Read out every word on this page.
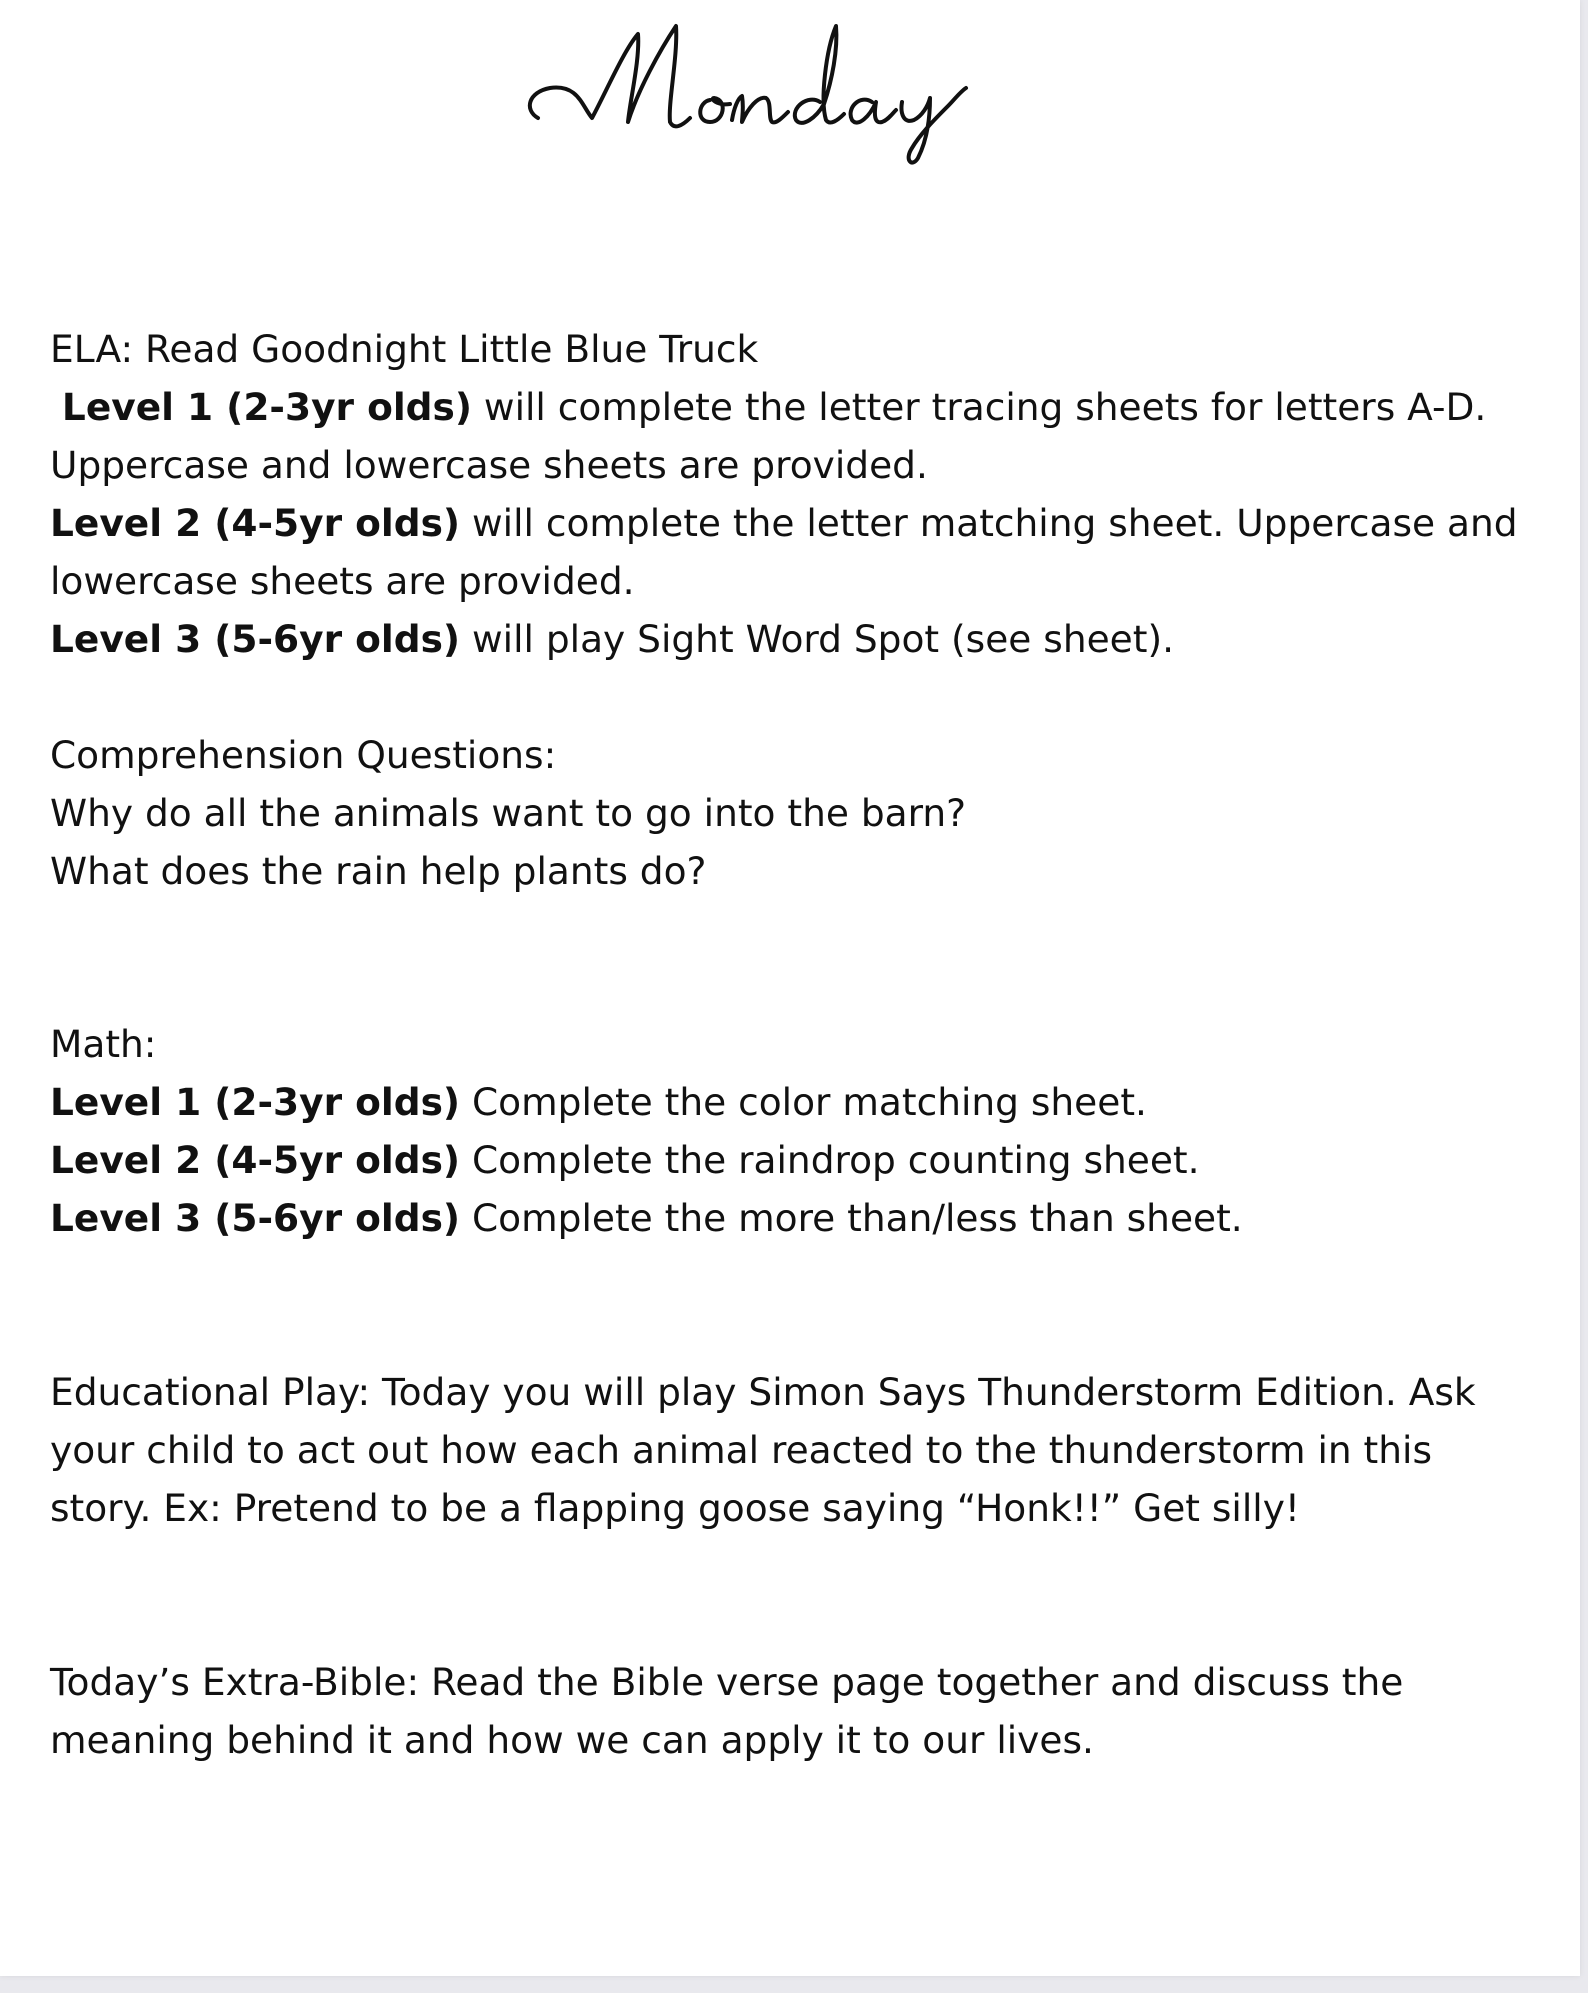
ELA: Read Goodnight Little Blue Truck
Level 1 (2-3yr olds) will complete the letter tracing sheets for letters A-D.
Uppercase and lowercase sheets are provided.
Level 2 (4-5yr olds) will complete the letter matching sheet. Uppercase and
lowercase sheets are provided.
Level 3 (5-6yr olds) will play Sight Word Spot (see sheet).
Comprehension Questions:
Why do all the animals want to go into the barn?
What does the rain help plants do?
Math:
Level 1 (2-3yr olds) Complete the color matching sheet.
Level 2 (4-5yr olds) Complete the raindrop counting sheet.
Level 3 (5-6yr olds) Complete the more than/less than sheet.
Educational Play: Today you will play Simon Says Thunderstorm Edition. Ask
your child to act out how each animal reacted to the thunderstorm in this
story. Ex: Pretend to be a flapping goose saying “Honk!!” Get silly!
Today’s Extra-Bible: Read the Bible verse page together and discuss the
meaning behind it and how we can apply it to our lives.
